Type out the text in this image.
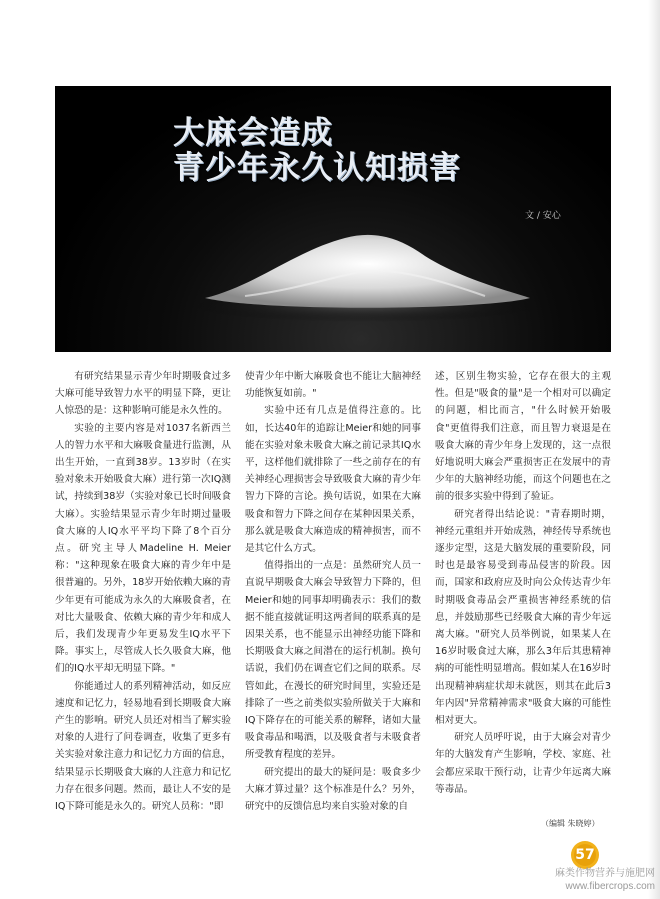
大麻会造成
青少年永久认知损害
文 / 安心

有研究结果显示青少年时期吸食过多大麻可能导致智力水平的明显下降，更让人惊恐的是：这种影响可能是永久性的。

实验的主要内容是对1037名新西兰人的智力水平和大麻吸食量进行监测，从出生开始，一直到38岁。13岁时（在实验对象未开始吸食大麻）进行第一次IQ测试，持续到38岁（实验对象已长时间吸食大麻）。实验结果显示青少年时期过量吸食大麻的人IQ水平平均下降了8个百分点。研究主导人Madeline H. Meier称："这种现象在吸食大麻的青少年中是很普遍的。另外，18岁开始依赖大麻的青少年更有可能成为永久的大麻吸食者，在对比大量吸食、依赖大麻的青少年和成人后，我们发现青少年更易发生IQ水平下降。事实上，尽管成人长久吸食大麻，他们的IQ水平却无明显下降。"

你能通过人的系列精神活动，如反应速度和记忆力，轻易地看到长期吸食大麻产生的影响。研究人员还对相当了解实验对象的人进行了问卷调查，收集了更多有关实验对象注意力和记忆力方面的信息，结果显示长期吸食大麻的人注意力和记忆力存在很多问题。然而，最让人不安的是IQ下降可能是永久的。研究人员称："即

使青少年中断大麻吸食也不能让大脑神经功能恢复如前。"

实验中还有几点是值得注意的。比如，长达40年的追踪让Meier和她的同事能在实验对象未吸食大麻之前记录其IQ水平，这样他们就排除了一些之前存在的有关神经心理损害会导致吸食大麻的青少年智力下降的言论。换句话说，如果在大麻吸食和智力下降之间存在某种因果关系，那么就是吸食大麻造成的精神损害，而不是其它什么方式。

值得指出的一点是：虽然研究人员一直说早期吸食大麻会导致智力下降的，但Meier和她的同事却明确表示：我们的数据不能直接就证明这两者间的联系真的是因果关系，也不能显示出神经功能下降和长期吸食大麻之间潜在的运行机制。换句话说，我们仍在调查它们之间的联系。尽管如此，在漫长的研究时间里，实验还是排除了一些之前类似实验所做关于大麻和IQ下降存在的可能关系的解释，诸如大量吸食毒品和喝酒，以及吸食者与未吸食者所受教育程度的差异。

研究提出的最大的疑问是：吸食多少大麻才算过量？这个标准是什么？另外，研究中的反馈信息均来自实验对象的自

述，区别生物实验，它存在很大的主观性。但是"吸食的量"是一个相对可以确定的问题，相比而言，"什么时候开始吸食"更值得我们注意，而且智力衰退是在吸食大麻的青少年身上发现的，这一点很好地说明大麻会严重损害正在发展中的青少年的大脑神经功能，而这个问题也在之前的很多实验中得到了验证。

研究者得出结论说："青春期时期，神经元重组并开始成熟，神经传导系统也逐步定型，这是大脑发展的重要阶段，同时也是最容易受到毒品侵害的阶段。因而，国家和政府应及时向公众传达青少年时期吸食毒品会严重损害神经系统的信息，并鼓励那些已经吸食大麻的青少年远离大麻。"研究人员举例说，如果某人在16岁时吸食过大麻，那么3年后其患精神病的可能性明显增高。假如某人在16岁时出现精神病症状却未就医，则其在此后3年内因"异常精神需求"吸食大麻的可能性相对更大。

研究人员呼吁说，由于大麻会对青少年的大脑发育产生影响，学校、家庭、社会都应采取干预行动，让青少年远离大麻等毒品。

（编辑 朱晓婷）
57
麻类作物营养与施肥网
www.fibercrops.com
